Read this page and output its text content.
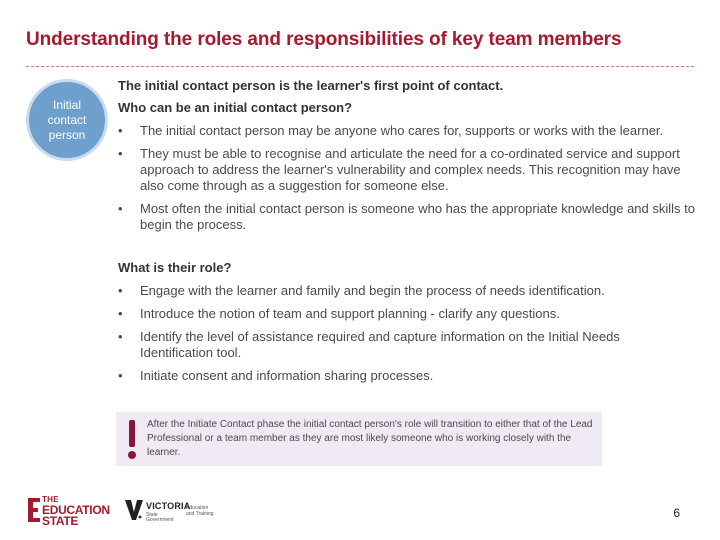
Understanding the roles and responsibilities of key team members
Initial contact person
The initial contact person is the learner's first point of contact.
Who can be an initial contact person?
• The initial contact person may be anyone who cares for, supports or works with the learner.
• They must be able to recognise and articulate the need for a co-ordinated service and support approach to address the learner's vulnerability and complex needs. This recognition may have also come through as a suggestion for someone else.
• Most often the initial contact person is someone who has the appropriate knowledge and skills to begin the process.
What is their role?
• Engage with the learner and family and begin the process of needs identification.
• Introduce the notion of team and support planning - clarify any questions.
• Identify the level of assistance required and capture information on the Initial Needs Identification tool.
• Initiate consent and information sharing processes.
After the Initiate Contact phase the initial contact person's role will transition to either that of the Lead Professional or a team member as they are most likely someone who is working closely with the learner.
THE
EDUCATION
STATE
VICTORIA
State
Government
Education
and Training	6
